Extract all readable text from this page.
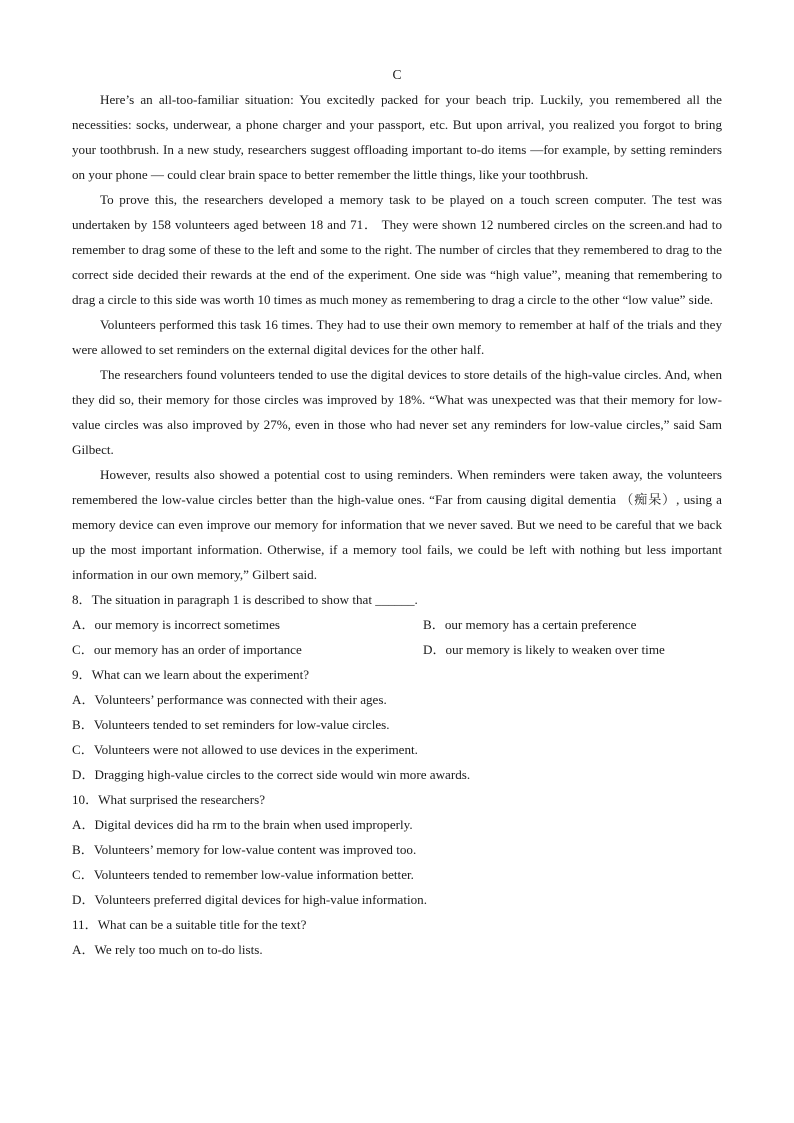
C

Here’s an all-too-familiar situation: You excitedly packed for your beach trip. Luckily, you remembered all the necessities: socks, underwear, a phone charger and your passport, etc. But upon arrival, you realized you forgot to bring your toothbrush. In a new study, researchers suggest offloading important to-do items —for example, by setting reminders on your phone — could clear brain space to better remember the little things, like your toothbrush.

To prove this, the researchers developed a memory task to be played on a touch screen computer. The test was undertaken by 158 volunteers aged between 18 and 71． They were shown 12 numbered circles on the screen.and had to remember to drag some of these to the left and some to the right. The number of circles that they remembered to drag to the correct side decided their rewards at the end of the experiment. One side was “high value”, meaning that remembering to drag a circle to this side was worth 10 times as much money as remembering to drag a circle to the other “low value” side.

Volunteers performed this task 16 times. They had to use their own memory to remember at half of the trials and they were allowed to set reminders on the external digital devices for the other half.

The researchers found volunteers tended to use the digital devices to store details of the high-value circles. And, when they did so, their memory for those circles was improved by 18%. “What was unexpected was that their memory for low-value circles was also improved by 27%, even in those who had never set any reminders for low-value circles,” said Sam Gilbect.

However, results also showed a potential cost to using reminders. When reminders were taken away, the volunteers remembered the low-value circles better than the high-value ones. “Far from causing digital dementia （痴呆）, using a memory device can even improve our memory for information that we never saved. But we need to be careful that we back up the most important information. Otherwise, if a memory tool fails, we could be left with nothing but less important information in our own memory,” Gilbert said.

8．The situation in paragraph 1 is described to show that ______.

A．our memory is incorrect sometimes	B．our memory has a certain preference

C．our memory has an order of importance	D．our memory is likely to weaken over time

9．What can we learn about the experiment?

A．Volunteers’ performance was connected with their ages.

B．Volunteers tended to set reminders for low-value circles.

C．Volunteers were not allowed to use devices in the experiment.

D．Dragging high-value circles to the correct side would win more awards.

10．What surprised the researchers?

A．Digital devices did ha rm to the brain when used improperly.

B．Volunteers’ memory for low-value content was improved too.

C．Volunteers tended to remember low-value information better.

D．Volunteers preferred digital devices for high-value information.

11．What can be a suitable title for the text?

A．We rely too much on to-do lists.
